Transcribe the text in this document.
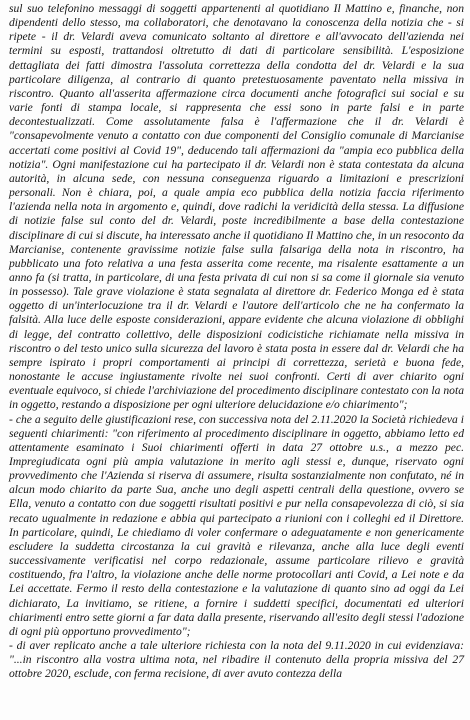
sul suo telefonino messaggi di soggetti appartenenti al quotidiano Il Mattino e, finanche, non dipendenti dello stesso, ma collaboratori, che denotavano la conoscenza della notizia che - si ripete - il dr. Velardi aveva comunicato soltanto al direttore e all'avvocato dell'azienda nei termini su esposti, trattandosi oltretutto di dati di particolare sensibilità. L'esposizione dettagliata dei fatti dimostra l'assoluta correttezza della condotta del dr. Velardi e la sua particolare diligenza, al contrario di quanto pretestuosamente paventato nella missiva in riscontro. Quanto all'asserita affermazione circa documenti anche fotografici sui social e su varie fonti di stampa locale, si rappresenta che essi sono in parte falsi e in parte decontestualizzati. Come assolutamente falsa è l'affermazione che il dr. Velardi è "consapevolmente venuto a contatto con due componenti del Consiglio comunale di Marcianise accertati come positivi al Covid 19", deducendo tali affermazioni da "ampia eco pubblica della notizia". Ogni manifestazione cui ha partecipato il dr. Velardi non è stata contestata da alcuna autorità, in alcuna sede, con nessuna conseguenza riguardo a limitazioni e prescrizioni personali. Non è chiara, poi, a quale ampia eco pubblica della notizia faccia riferimento l'azienda nella nota in argomento e, quindi, dove radichi la veridicità della stessa. La diffusione di notizie false sul conto del dr. Velardi, poste incredibilmente a base della contestazione disciplinare di cui si discute, ha interessato anche il quotidiano Il Mattino che, in un resoconto da Marcianise, contenente gravissime notizie false sulla falsariga della nota in riscontro, ha pubblicato una foto relativa a una festa asserita come recente, ma risalente esattamente a un anno fa (si tratta, in particolare, di una festa privata di cui non si sa come il giornale sia venuto in possesso). Tale grave violazione è stata segnalata al direttore dr. Federico Monga ed è stata oggetto di un'interlocuzione tra il dr. Velardi e l'autore dell'articolo che ne ha confermato la falsità. Alla luce delle esposte considerazioni, appare evidente che alcuna violazione di obblighi di legge, del contratto collettivo, delle disposizioni codicistiche richiamate nella missiva in riscontro o del testo unico sulla sicurezza del lavoro è stata posta in essere dal dr. Velardi che ha sempre ispirato i propri comportamenti ai principi di correttezza, serietà e buona fede, nonostante le accuse ingiustamente rivolte nei suoi confronti. Certi di aver chiarito ogni eventuale equivoco, si chiede l'archiviazione del procedimento disciplinare contestato con la nota in oggetto, restando a disposizione per ogni ulteriore delucidazione e/o chiarimento";
- che a seguito delle giustificazioni rese, con successiva nota del 2.11.2020 la Società richiedeva i seguenti chiarimenti: "con riferimento al procedimento disciplinare in oggetto, abbiamo letto ed attentamente esaminato i Suoi chiarimenti offerti in data 27 ottobre u.s., a mezzo pec. Impregiudicata ogni più ampia valutazione in merito agli stessi e, dunque, riservato ogni provvedimento che l'Azienda si riserva di assumere, risulta sostanzialmente non confutato, né in alcun modo chiarito da parte Sua, anche uno degli aspetti centrali della questione, ovvero se Ella, venuto a contatto con due soggetti risultati positivi e pur nella consapevolezza di ciò, si sia recato ugualmente in redazione e abbia qui partecipato a riunioni con i colleghi ed il Direttore. In particolare, quindi, Le chiediamo di voler confermare o adeguatamente e non genericamente escludere la suddetta circostanza la cui gravità e rilevanza, anche alla luce degli eventi successivamente verificatisi nel corpo redazionale, assume particolare rilievo e gravità costituendo, fra l'altro, la violazione anche delle norme protocollari anti Covid, a Lei note e da Lei accettate. Fermo il resto della contestazione e la valutazione di quanto sino ad oggi da Lei dichiarato, La invitiamo, se ritiene, a fornire i suddetti specifici, documentati ed ulteriori chiarimenti entro sette giorni a far data dalla presente, riservando all'esito degli stessi l'adozione di ogni più opportuno provvedimento";
- di aver replicato anche a tale ulteriore richiesta con la nota del 9.11.2020 in cui evidenziava: "...in riscontro alla vostra ultima nota, nel ribadire il contenuto della propria missiva del 27 ottobre 2020, esclude, con ferma recisione, di aver avuto contezza della
